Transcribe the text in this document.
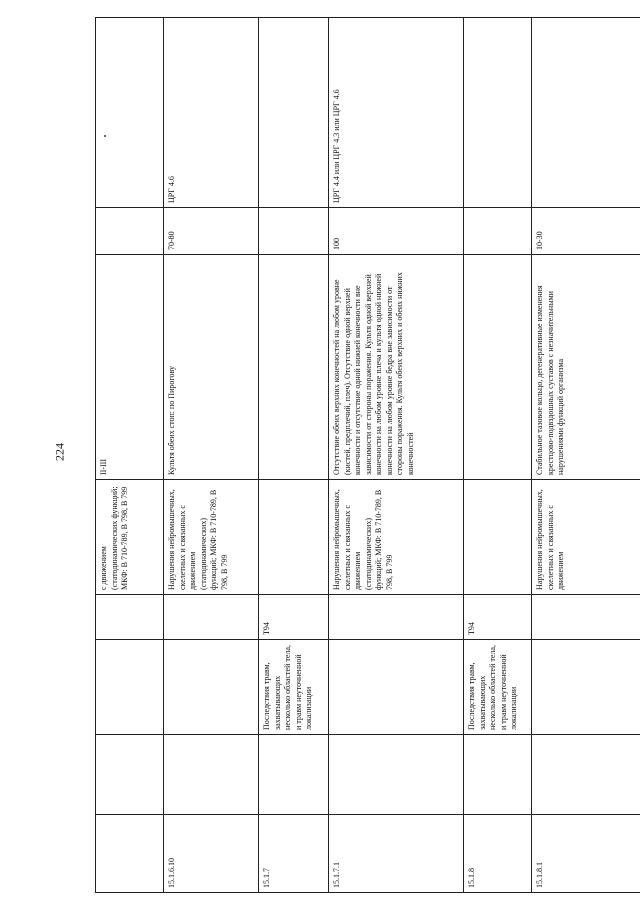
224
				с движением (статодинамических функций; МКФ: В 710-789, В 798, В 799	II-III		
15.1.6.10				Нарушения нейромышечных, скелетных и связанных с движением (статодинамических) функций; МКФ: В 710-789, В 798, В 799	Культя обеих стоп: по Пирогову	70-80	ЦРГ 4.6
15.1.7		Последствия травм, захватывающих несколько областей тела, и травм неуточненной локализации	T94				
15.1.7.1				Нарушения нейромышечных, скелетных и связанных с движением (статодинамических) функций; МКФ: В 710-789, В 798, В 799	Отсутствие обеих верхних конечностей на любом уровне (кистей, предплечий, плеч). Отсутствие одной верхней конечности и отсутствие одной нижней конечности вне зависимости от стороны поражения. Культя одной верхней конечности на любом уровне плеча и культя одной нижней конечности на любом уровне бедра вне зависимости от стороны поражения. Культя обеих верхних и обеих нижних конечностей	100	ЦРГ 4.4 или ЦРГ 4.3 или ЦРГ 4.6
15.1.8		Последствия травм, захватывающих несколько областей тела, и травм неуточненной локализации	T94				
15.1.8.1				Нарушения нейромышечных, скелетных и связанных с движением	Стабильное тазовое кольцо, дегенеративные изменения крестцово-подвздошных суставов с незначительными нарушениями функций организма	10-30	
